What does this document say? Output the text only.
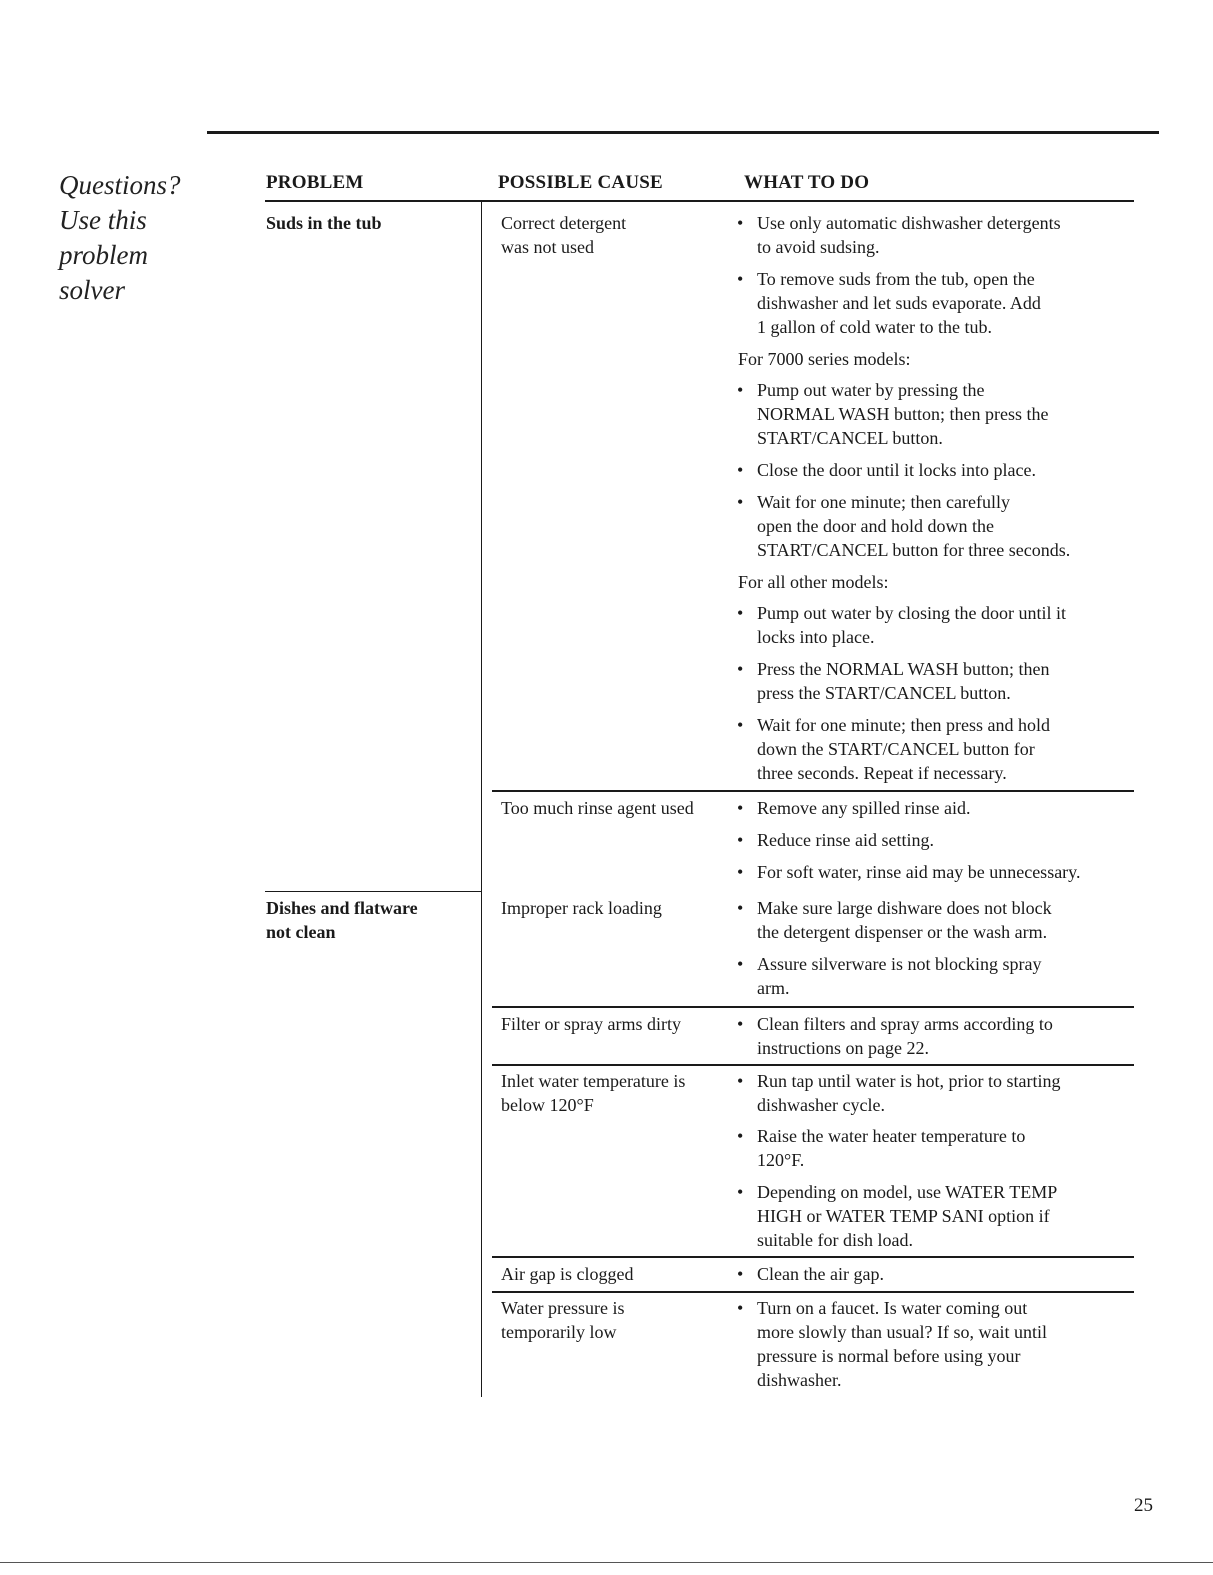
Questions?
Use this
problem
solver
PROBLEM	POSSIBLE CAUSE	WHAT TO DO
Suds in the tub
Dishes and flatware
not clean
Correct detergent
was not used
Too much rinse agent used
Improper rack loading
Filter or spray arms dirty
Inlet water temperature is
below 120°F
Air gap is clogged
Water pressure is
temporarily low
• Use only automatic dishwasher detergents
to avoid sudsing.
• To remove suds from the tub, open the
dishwasher and let suds evaporate. Add
1 gallon of cold water to the tub.
For 7000 series models:
• Pump out water by pressing the
NORMAL WASH button; then press the
START/CANCEL button.
• Close the door until it locks into place.
• Wait for one minute; then carefully
open the door and hold down the
START/CANCEL button for three seconds.
For all other models:
• Pump out water by closing the door until it
locks into place.
• Press the NORMAL WASH button; then
press the START/CANCEL button.
• Wait for one minute; then press and hold
down the START/CANCEL button for
three seconds. Repeat if necessary.
• Remove any spilled rinse aid.
• Reduce rinse aid setting.
• For soft water, rinse aid may be unnecessary.
• Make sure large dishware does not block
the detergent dispenser or the wash arm.
• Assure silverware is not blocking spray
arm.
• Clean filters and spray arms according to
instructions on page 22.
• Run tap until water is hot, prior to starting
dishwasher cycle.
• Raise the water heater temperature to
120°F.
• Depending on model, use WATER TEMP
HIGH or WATER TEMP SANI option if
suitable for dish load.
• Clean the air gap.
• Turn on a faucet. Is water coming out
more slowly than usual? If so, wait until
pressure is normal before using your
dishwasher.
25
